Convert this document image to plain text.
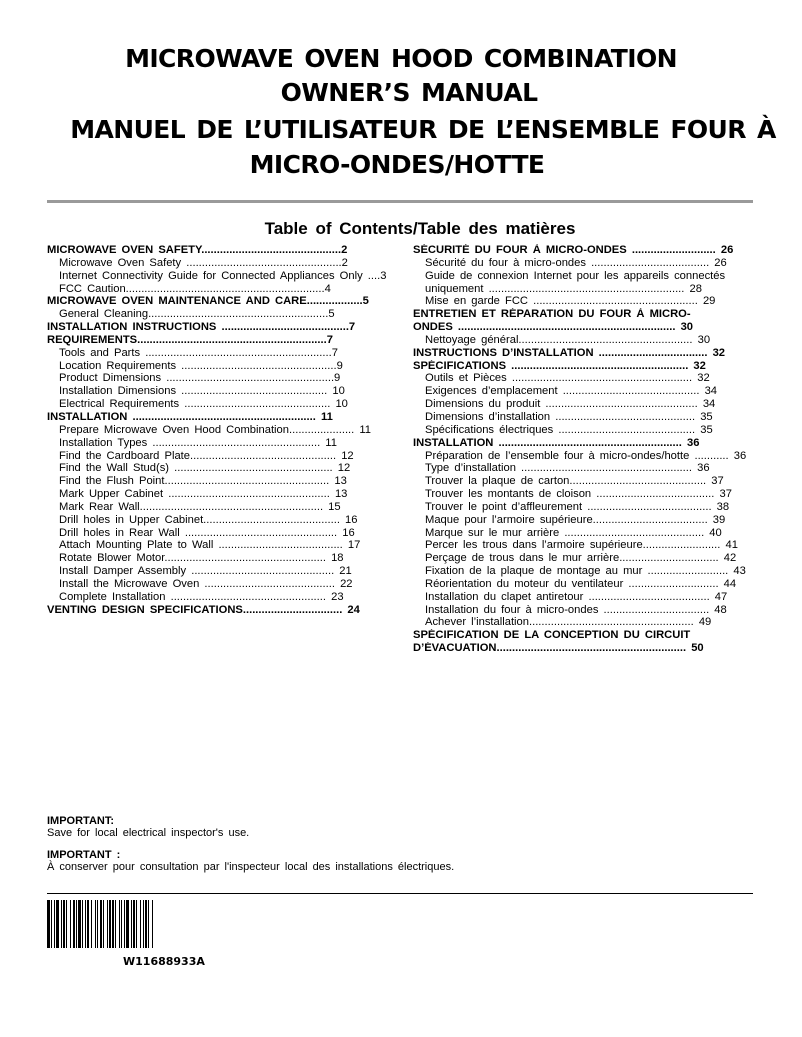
MICROWAVE OVEN HOOD COMBINATION
OWNER’S MANUAL
MANUEL DE L’UTILISATEUR DE L’ENSEMBLE FOUR À
MICRO-ONDES/HOTTE
Table of Contents/Table des matières
MICROWAVE OVEN SAFETY.............................................2
Microwave Oven Safety ..................................................2
Internet Connectivity Guide for Connected Appliances Only ....3
FCC Caution................................................................4
MICROWAVE OVEN MAINTENANCE AND CARE..................5
General Cleaning..........................................................5
INSTALLATION INSTRUCTIONS .........................................7
REQUIREMENTS.............................................................7
Tools and Parts ............................................................7
Location Requirements ..................................................9
Product Dimensions ......................................................9
Installation Dimensions ............................................... 10
Electrical Requirements ............................................... 10
INSTALLATION ........................................................... 11
Prepare Microwave Oven Hood Combination..................... 11
Installation Types ...................................................... 11
Find the Cardboard Plate............................................... 12
Find the Wall Stud(s) ................................................... 12
Find the Flush Point..................................................... 13
Mark Upper Cabinet .................................................... 13
Mark Rear Wall........................................................... 15
Drill holes in Upper Cabinet............................................ 16
Drill holes in Rear Wall ................................................. 16
Attach Mounting Plate to Wall ........................................ 17
Rotate Blower Motor.................................................... 18
Install Damper Assembly .............................................. 21
Install the Microwave Oven .......................................... 22
Complete Installation .................................................. 23
VENTING DESIGN SPECIFICATIONS................................ 24
SÉCURITÉ DU FOUR À MICRO-ONDES ........................... 26
Sécurité du four à micro-ondes ...................................... 26
Guide de connexion Internet pour les appareils connectés
uniquement ............................................................... 28
Mise en garde FCC ..................................................... 29
ENTRETIEN ET RÉPARATION DU FOUR À MICRO-
ONDES ...................................................................... 30
Nettoyage général........................................................ 30
INSTRUCTIONS D’INSTALLATION ................................... 32
SPÉCIFICATIONS ......................................................... 32
Outils et Pièces .......................................................... 32
Exigences d’emplacement ............................................ 34
Dimensions du produit ................................................. 34
Dimensions d’installation ............................................. 35
Spécifications électriques ............................................ 35
INSTALLATION ........................................................... 36
Préparation de l’ensemble four à micro-ondes/hotte ........... 36
Type d’installation ....................................................... 36
Trouver la plaque de carton............................................ 37
Trouver les montants de cloison ...................................... 37
Trouver le point d’affleurement ........................................ 38
Maque pour l’armoire supérieure..................................... 39
Marque sur le mur arrière ............................................. 40
Percer les trous dans l’armoire supérieure......................... 41
Perçage de trous dans le mur arrière................................ 42
Fixation de la plaque de montage au mur .......................... 43
Réorientation du moteur du ventilateur ............................. 44
Installation du clapet antiretour ....................................... 47
Installation du four à micro-ondes .................................. 48
Achever l’installation..................................................... 49
SPÉCIFICATION DE LA CONCEPTION DU CIRCUIT
D’ÉVACUATION............................................................. 50
IMPORTANT:
Save for local electrical inspector's use.
IMPORTANT :
À conserver pour consultation par l'inspecteur local des installations électriques.
W11688933A
